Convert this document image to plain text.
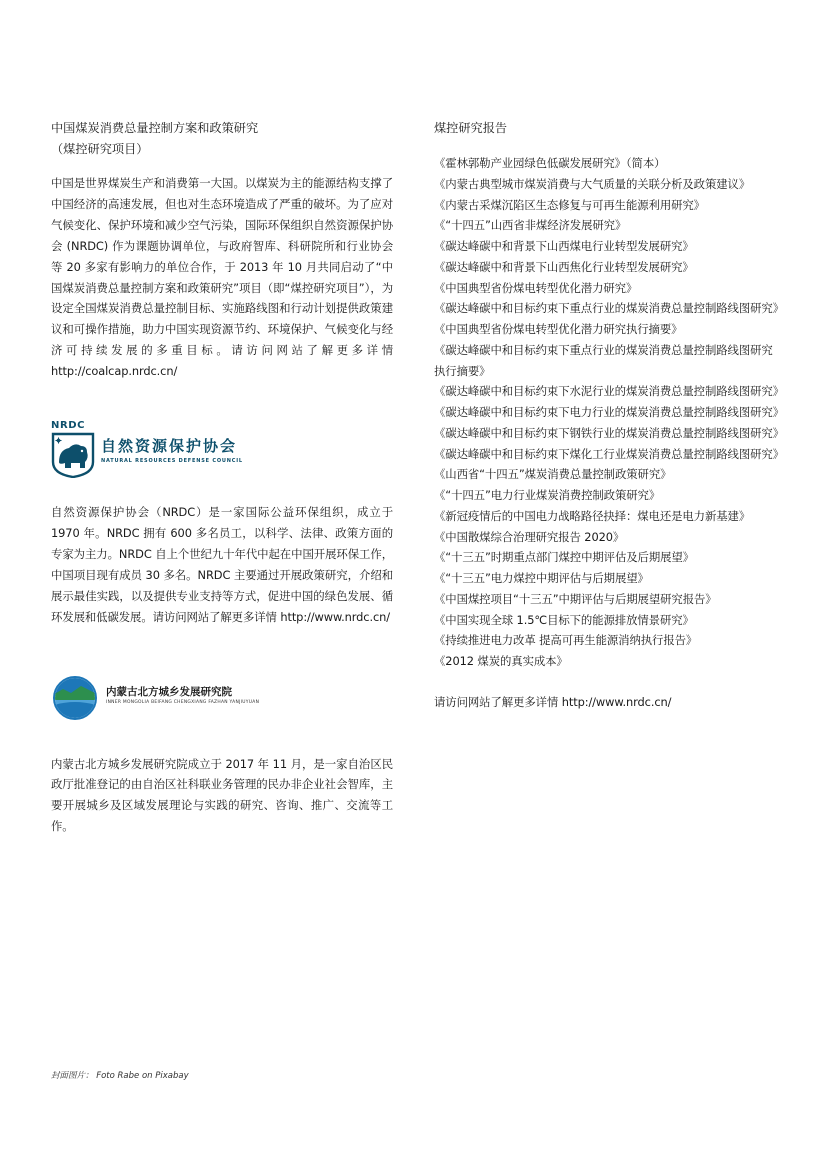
中国煤炭消费总量控制方案和政策研究

（煤控研究项目）

中国是世界煤炭生产和消费第一大国。以煤炭为主的能源结构支撑了中国经济的高速发展，但也对生态环境造成了严重的破坏。为了应对气候变化、保护环境和减少空气污染，国际环保组织自然资源保护协会 (NRDC) 作为课题协调单位，与政府智库、科研院所和行业协会等 20 多家有影响力的单位合作，于 2013 年 10 月共同启动了“中国煤炭消费总量控制方案和政策研究”项目（即“煤控研究项目”），为设定全国煤炭消费总量控制目标、实施路线图和行动计划提供政策建议和可操作措施，助力中国实现资源节约、环境保护、气候变化与经济可持续发展的多重目标。请访问网站了解更多详情 http://coalcap.nrdc.cn/

NRDC
自然资源保护协会
NATURAL RESOURCES DEFENSE COUNCIL

自然资源保护协会（NRDC）是一家国际公益环保组织，成立于 1970 年。NRDC 拥有 600 多名员工，以科学、法律、政策方面的专家为主力。NRDC 自上个世纪九十年代中起在中国开展环保工作，中国项目现有成员 30 多名。NRDC 主要通过开展政策研究，介绍和展示最佳实践，以及提供专业支持等方式，促进中国的绿色发展、循环发展和低碳发展。请访问网站了解更多详情 http://www.nrdc.cn/

内蒙古北方城乡发展研究院
INNER MONGOLIA BEIFANG CHENGXIANG FAZHAN YANJIUYUAN

内蒙古北方城乡发展研究院成立于 2017 年 11 月，是一家自治区民政厅批准登记的由自治区社科联业务管理的民办非企业社会智库，主要开展城乡及区域发展理论与实践的研究、咨询、推广、交流等工作。

煤控研究报告

《霍林郭勒产业园绿色低碳发展研究》（简本）
《内蒙古典型城市煤炭消费与大气质量的关联分析及政策建议》
《内蒙古采煤沉陷区生态修复与可再生能源利用研究》
《“十四五”山西省非煤经济发展研究》
《碳达峰碳中和背景下山西煤电行业转型发展研究》
《碳达峰碳中和背景下山西焦化行业转型发展研究》
《中国典型省份煤电转型优化潜力研究》
《碳达峰碳中和目标约束下重点行业的煤炭消费总量控制路线图研究》
《中国典型省份煤电转型优化潜力研究执行摘要》
《碳达峰碳中和目标约束下重点行业的煤炭消费总量控制路线图研究执行摘要》
《碳达峰碳中和目标约束下水泥行业的煤炭消费总量控制路线图研究》
《碳达峰碳中和目标约束下电力行业的煤炭消费总量控制路线图研究》
《碳达峰碳中和目标约束下钢铁行业的煤炭消费总量控制路线图研究》
《碳达峰碳中和目标约束下煤化工行业煤炭消费总量控制路线图研究》
《山西省“十四五”煤炭消费总量控制政策研究》
《“十四五”电力行业煤炭消费控制政策研究》
《新冠疫情后的中国电力战略路径抉择：煤电还是电力新基建》
《中国散煤综合治理研究报告 2020》
《“十三五”时期重点部门煤控中期评估及后期展望》
《“十三五”电力煤控中期评估与后期展望》
《中国煤控项目“十三五”中期评估与后期展望研究报告》
《中国实现全球 1.5℃目标下的能源排放情景研究》
《持续推进电力改革 提高可再生能源消纳执行报告》
《2012 煤炭的真实成本》

请访问网站了解更多详情 http://www.nrdc.cn/

封面图片： Foto Rabe on Pixabay
